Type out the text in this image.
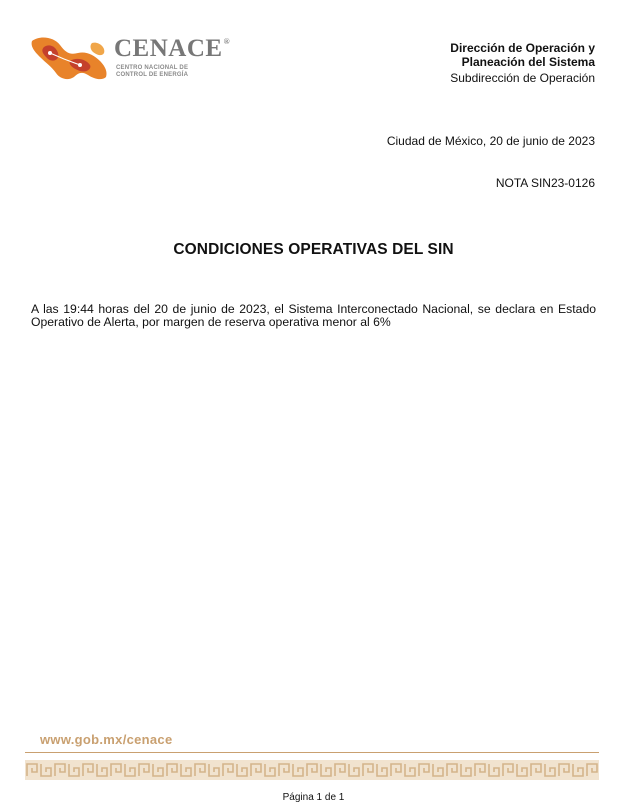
CENACE®
CENTRO NACIONAL DE
CONTROL DE ENERGÍA
Dirección de Operación y
Planeación del Sistema
Subdirección de Operación
Ciudad de México, 20 de junio de 2023
NOTA SIN23-0126
CONDICIONES OPERATIVAS DEL SIN
A las 19:44 horas del 20 de junio de 2023, el Sistema Interconectado Nacional, se declara en Estado Operativo de Alerta, por margen de reserva operativa menor al 6%
www.gob.mx/cenace
Página 1 de 1
